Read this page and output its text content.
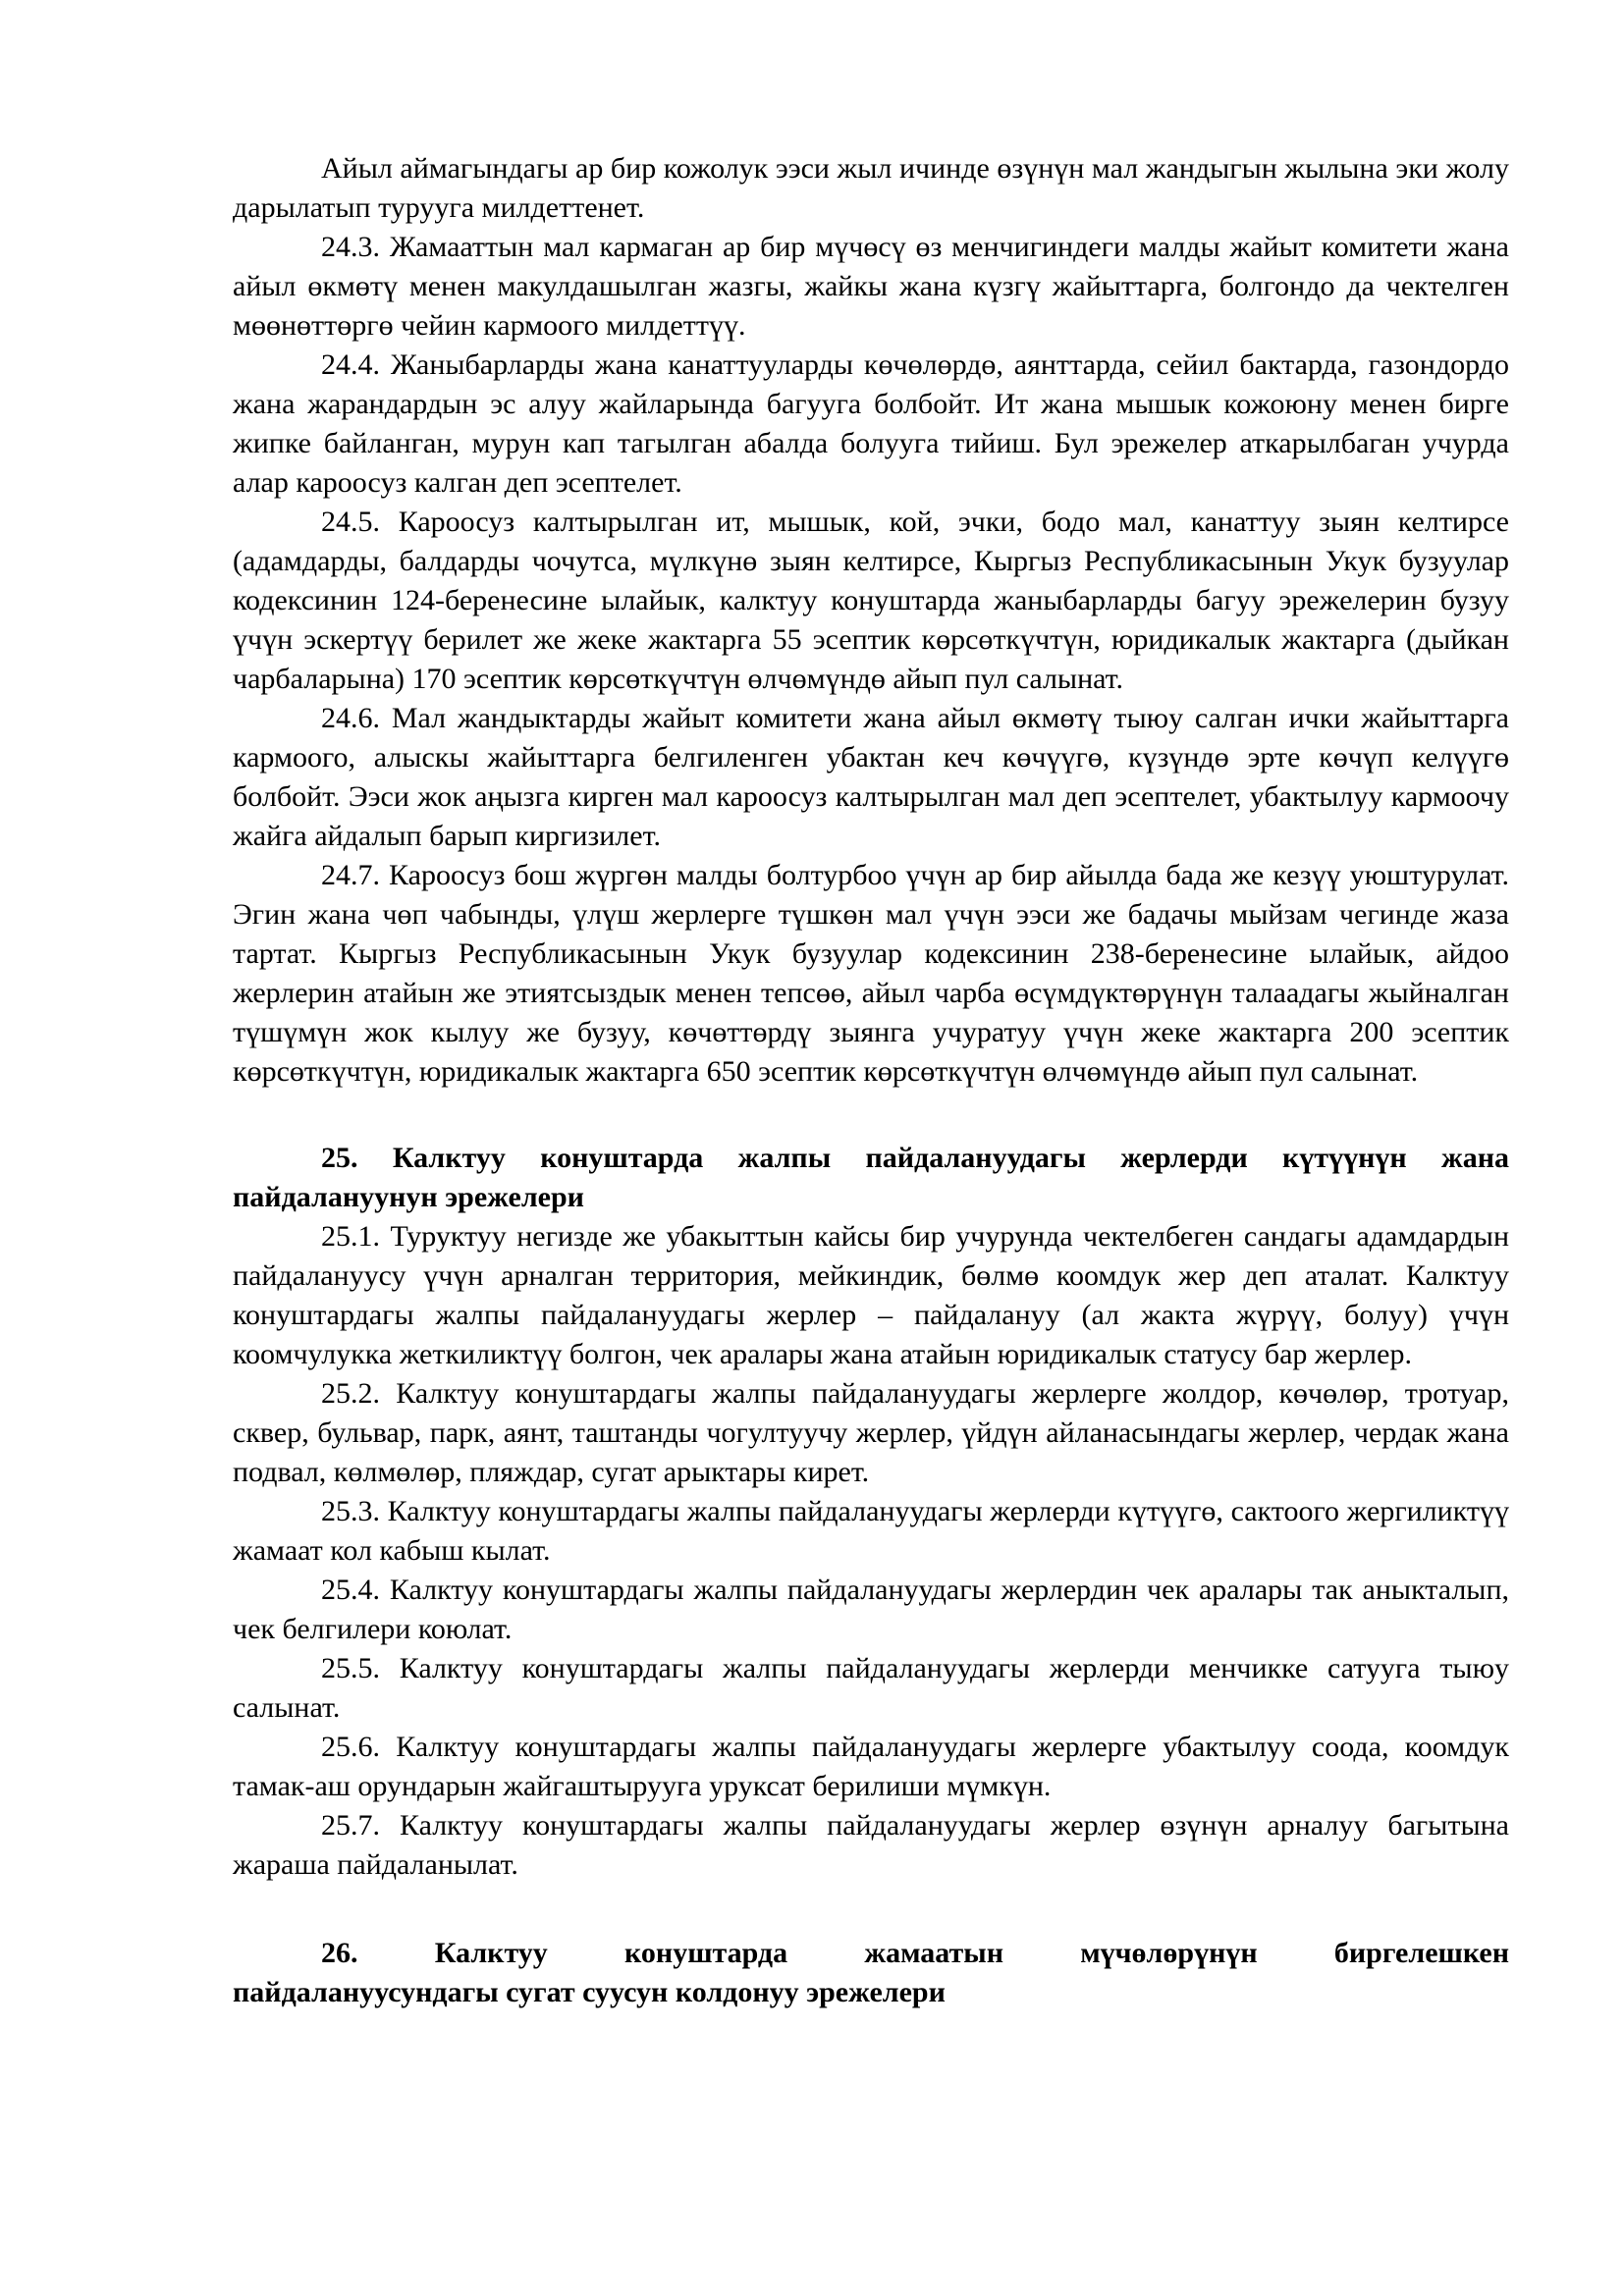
Айыл аймагындагы ар бир кожолук ээси жыл ичинде өзүнүн мал жандыгын жылына эки жолу дарылатып турууга милдеттенет.

24.3. Жамааттын мал кармаган ар бир мүчөсү өз менчигиндеги малды жайыт комитети жана айыл өкмөтү менен макулдашылган жазгы, жайкы жана күзгү жайыттарга, болгондо да чектелген мөөнөттөргө чейин кармоого милдеттүү.

24.4. Жаныбарларды жана канаттууларды көчөлөрдө, аянттарда, сейил бактарда, газондордо жана жарандардын эс алуу жайларында багууга болбойт. Ит жана мышык кожоюну менен бирге жипке байланган, мурун кап тагылган абалда болууга тийиш. Бул эрежелер аткарылбаган учурда алар кароосуз калган деп эсептелет.

24.5. Кароосуз калтырылган ит, мышык, кой, эчки, бодо мал, канаттуу зыян келтирсе (адамдарды, балдарды чочутса, мүлкүнө зыян келтирсе, Кыргыз Республикасынын Укук бузуулар кодексинин 124-беренесине ылайык, калктуу конуштарда жаныбарларды багуу эрежелерин бузуу үчүн эскертүү берилет же жеке жактарга 55 эсептик көрсөткүчтүн, юридикалык жактарга (дыйкан чарбаларына) 170 эсептик көрсөткүчтүн өлчөмүндө айып пул салынат.

24.6. Мал жандыктарды жайыт комитети жана айыл өкмөтү тыюу салган ички жайыттарга кармоого, алыскы жайыттарга белгиленген убактан кеч көчүүгө, күзүндө эрте көчүп келүүгө болбойт. Ээси жок аңызга кирген мал кароосуз калтырылган мал деп эсептелет, убактылуу кармоочу жайга айдалып барып киргизилет.

24.7. Кароосуз бош жүргөн малды болтурбоо үчүн ар бир айылда бада же кезүү уюштурулат. Эгин жана чөп чабынды, үлүш жерлерге түшкөн мал үчүн ээси же бадачы мыйзам чегинде жаза тартат. Кыргыз Республикасынын Укук бузуулар кодексинин 238-беренесине ылайык, айдоо жерлерин атайын же этиятсыздык менен тепсөө, айыл чарба өсүмдүктөрүнүн талаадагы жыйналган түшүмүн жок кылуу же бузуу, көчөттөрдү зыянга учуратуу үчүн жеке жактарга 200 эсептик көрсөткүчтүн, юридикалык жактарга 650 эсептик көрсөткүчтүн өлчөмүндө айып пул салынат.

25. Калктуу конуштарда жалпы пайдалануудагы жерлерди күтүүнүн жана
пайдалануунун эрежелери

25.1. Туруктуу негизде же убакыттын кайсы бир учурунда чектелбеген сандагы адамдардын пайдалануусу үчүн арналган территория, мейкиндик, бөлмө коомдук жер деп аталат. Калктуу конуштардагы жалпы пайдалануудагы жерлер – пайдалануу (ал жакта жүрүү, болуу) үчүн коомчулукка жеткиликтүү болгон, чек аралары жана атайын юридикалык статусу бар жерлер.

25.2. Калктуу конуштардагы жалпы пайдалануудагы жерлерге жолдор, көчөлөр, тротуар, сквер, бульвар, парк, аянт, таштанды чогултуучу жерлер, үйдүн айланасындагы жерлер, чердак жана подвал, көлмөлөр, пляждар, сугат арыктары кирет.

25.3. Калктуу конуштардагы жалпы пайдалануудагы жерлерди күтүүгө, сактоого жергиликтүү жамаат кол кабыш кылат.

25.4. Калктуу конуштардагы жалпы пайдалануудагы жерлердин чек аралары так аныкталып, чек белгилери коюлат.

25.5. Калктуу конуштардагы жалпы пайдалануудагы жерлерди менчикке сатууга тыюу салынат.

25.6. Калктуу конуштардагы жалпы пайдалануудагы жерлерге убактылуу соода, коомдук тамак-аш орундарын жайгаштырууга уруксат берилиши мүмкүн.

25.7. Калктуу конуштардагы жалпы пайдалануудагы жерлер өзүнүн арналуу багытына жараша пайдаланылат.

26. Калктуу конуштарда жамаатын мүчөлөрүнүн биргелешкен
пайдалануусундагы сугат суусун колдонуу эрежелери
